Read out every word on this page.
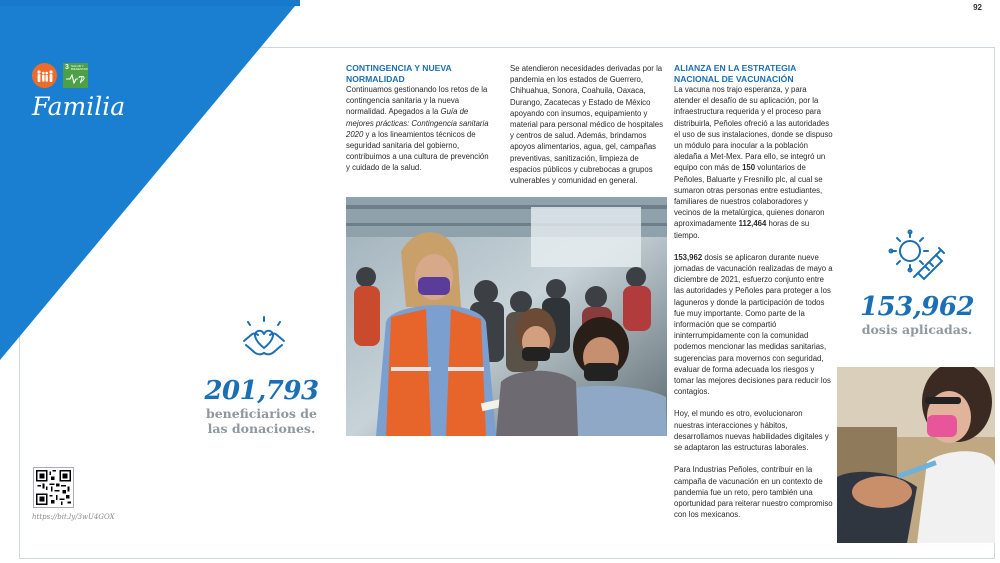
92
3 SALUD Y BIENESTAR
Familia
201,793
beneficiarios de las donaciones.
https://bit.ly/3wU4GOX
CONTINGENCIA Y NUEVA NORMALIDAD

Continuamos gestionando los retos de la contingencia sanitaria y la nueva normalidad. Apegados a la Guía de mejores prácticas: Contingencia sanitaria 2020 y a los lineamientos técnicos de seguridad sanitaria del gobierno, contribuimos a una cultura de prevención y cuidado de la salud.

Se atendieron necesidades derivadas por la pandemia en los estados de Guerrero, Chihuahua, Sonora, Coahuila, Oaxaca, Durango, Zacatecas y Estado de México apoyando con insumos, equipamiento y material para personal médico de hospitales y centros de salud. Además, brindamos apoyos alimentarios, agua, gel, campañas preventivas, sanitización, limpieza de espacios públicos y cubrebocas a grupos vulnerables y comunidad en general.

ALIANZA EN LA ESTRATEGIA NACIONAL DE VACUNACIÓN

La vacuna nos trajo esperanza, y para atender el desafío de su aplicación, por la infraestructura requerida y el proceso para distribuirla, Peñoles ofreció a las autoridades el uso de sus instalaciones, donde se dispuso un módulo para inocular a la población aledaña a Met-Mex. Para ello, se integró un equipo con más de 150 voluntarios de Peñoles, Baluarte y Fresnillo plc, al cual se sumaron otras personas entre estudiantes, familiares de nuestros colaboradores y vecinos de la metalúrgica, quienes donaron aproximadamente 112,464 horas de su tiempo.

153,962 dosis se aplicaron durante nueve jornadas de vacunación realizadas de mayo a diciembre de 2021, esfuerzo conjunto entre las autoridades y Peñoles para proteger a los laguneros y donde la participación de todos fue muy importante. Como parte de la información que se compartió ininterrumpidamente con la comunidad podemos mencionar las medidas sanitarias, sugerencias para movernos con seguridad, evaluar de forma adecuada los riesgos y tomar las mejores decisiones para reducir los contagios.

Hoy, el mundo es otro, evolucionaron nuestras interacciones y hábitos, desarrollamos nuevas habilidades digitales y se adaptaron las estructuras laborales.

Para Industrias Peñoles, contribuir en la campaña de vacunación en un contexto de pandemia fue un reto, pero también una oportunidad para reiterar nuestro compromiso con los mexicanos.

153,962
dosis aplicadas.
